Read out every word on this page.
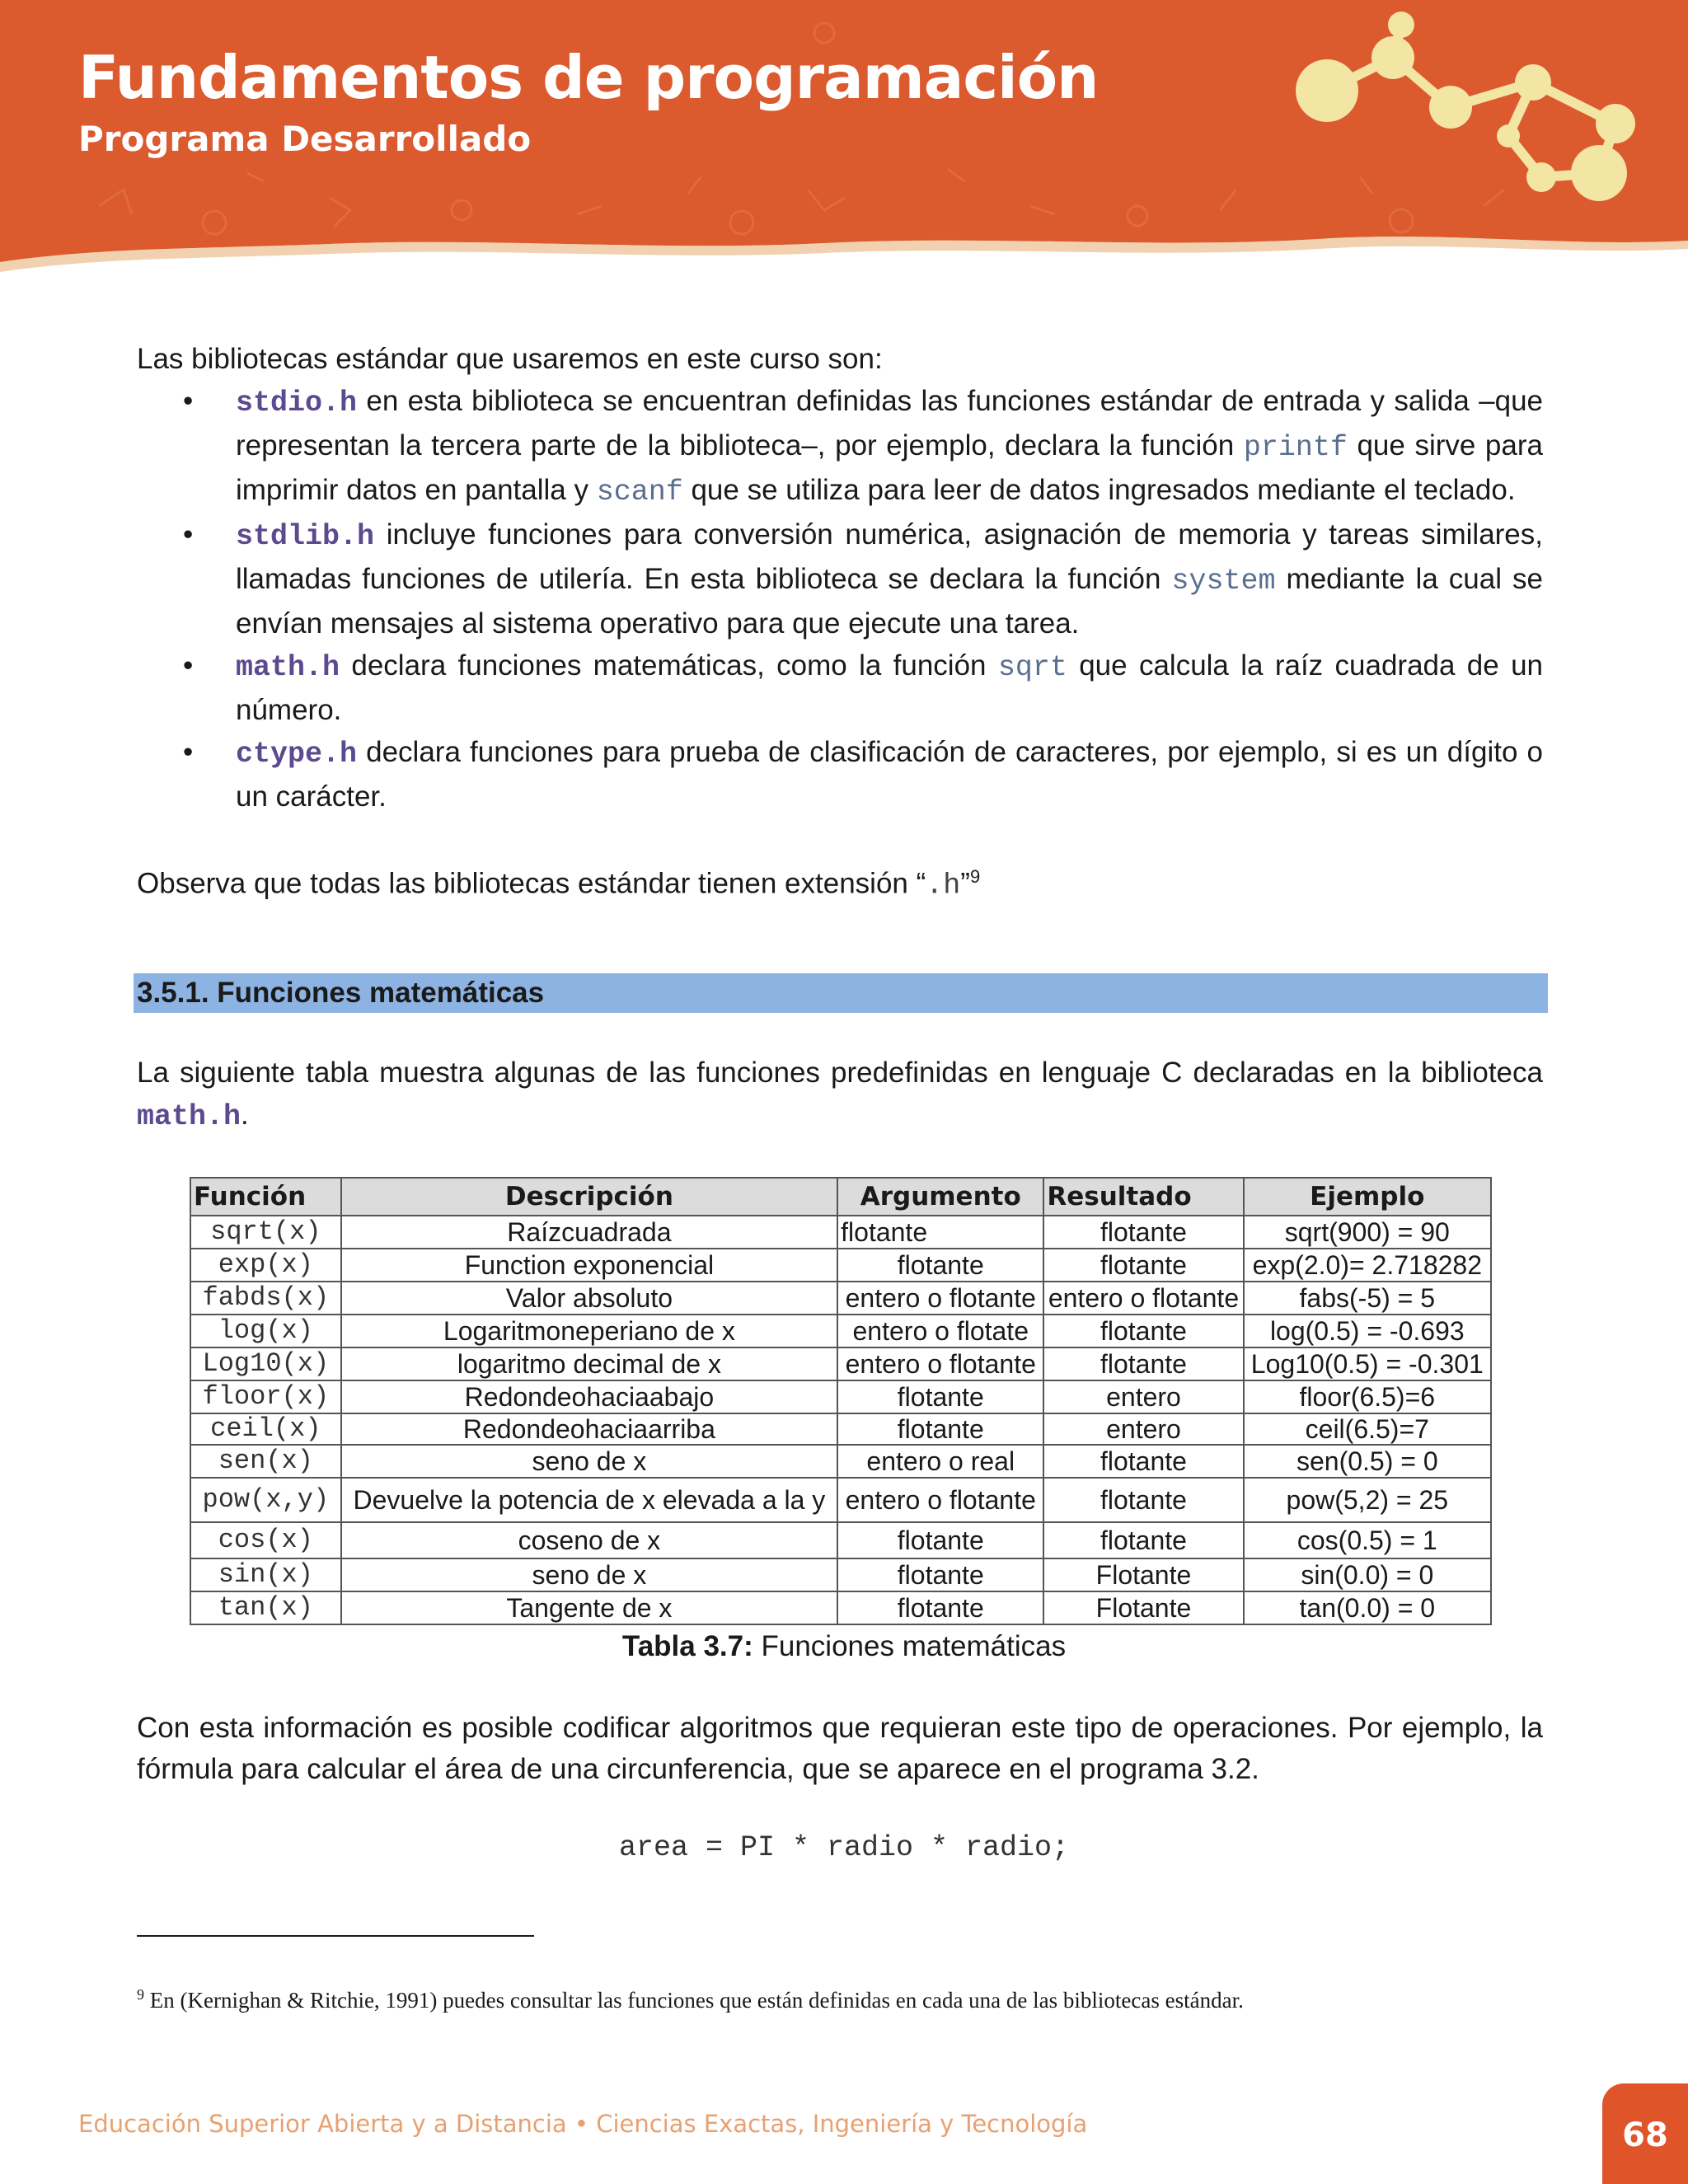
Fundamentos de programación
Programa Desarrollado

Las bibliotecas estándar que usaremos en este curso son:

• stdio.h en esta biblioteca se encuentran definidas las funciones estándar de entrada y salida –que representan la tercera parte de la biblioteca–, por ejemplo, declara la función printf que sirve para imprimir datos en pantalla y scanf que se utiliza para leer de datos ingresados mediante el teclado.
• stdlib.h incluye funciones para conversión numérica, asignación de memoria y tareas similares, llamadas funciones de utilería. En esta biblioteca se declara la función system mediante la cual se envían mensajes al sistema operativo para que ejecute una tarea.
• math.h declara funciones matemáticas, como la función sqrt que calcula la raíz cuadrada de un número.
• ctype.h declara funciones para prueba de clasificación de caracteres, por ejemplo, si es un dígito o un carácter.

Observa que todas las bibliotecas estándar tienen extensión “.h”$^9$

3.5.1. Funciones matemáticas

La siguiente tabla muestra algunas de las funciones predefinidas en lenguaje C declaradas en la biblioteca math.h.

Función	Descripción	Argumento	Resultado	Ejemplo
sqrt(x)	Raízcuadrada	flotante	flotante	sqrt(900) = 90
exp(x)	Function exponencial	flotante	flotante	exp(2.0)= 2.718282
fabds(x)	Valor absoluto	entero o flotante	entero o flotante	fabs(-5) = 5
log(x)	Logaritmoneperiano de x	entero o flotate	flotante	log(0.5) = -0.693
Log10(x)	logaritmo decimal de x	entero o flotante	flotante	Log10(0.5) = -0.301
floor(x)	Redondeohaciaabajo	flotante	entero	floor(6.5)=6
ceil(x)	Redondeohaciaarriba	flotante	entero	ceil(6.5)=7
sen(x)	seno de x	entero o real	flotante	sen(0.5) = 0
pow(x,y)	Devuelve la potencia de x elevada a la y	entero o flotante	flotante	pow(5,2) = 25
cos(x)	coseno de x	flotante	flotante	cos(0.5) = 1
sin(x)	seno de x	flotante	Flotante	sin(0.0) = 0
tan(x)	Tangente de x	flotante	Flotante	tan(0.0) = 0
Tabla 3.7: Funciones matemáticas

Con esta información es posible codificar algoritmos que requieran este tipo de operaciones. Por ejemplo, la fórmula para calcular el área de una circunferencia, que se aparece en el programa 3.2.

area = PI * radio * radio;
$^9$ En (Kernighan & Ritchie, 1991) puedes consultar las funciones que están definidas en cada una de las bibliotecas estándar.
Educación Superior Abierta y a Distancia • Ciencias Exactas, Ingeniería y Tecnología	68
